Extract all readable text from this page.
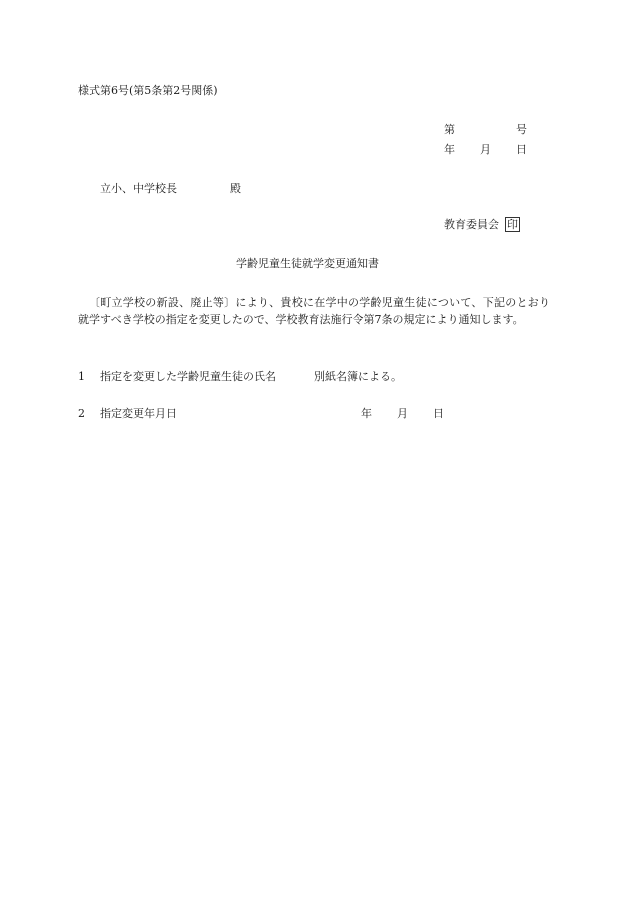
様式第6号(第5条第2号関係)
第	号
年 月 日
立小、中学校長	殿
教育委員会 印
学齢児童生徒就学変更通知書
〔町立学校の新設、廃止等〕により、貴校に在学中の学齢児童生徒について、下記のとおり就学すべき学校の指定を変更したので、学校教育法施行令第7条の規定により通知します。
1 指定を変更した学齢児童生徒の氏名	別紙名簿による。
2 指定変更年月日	年 月 日
